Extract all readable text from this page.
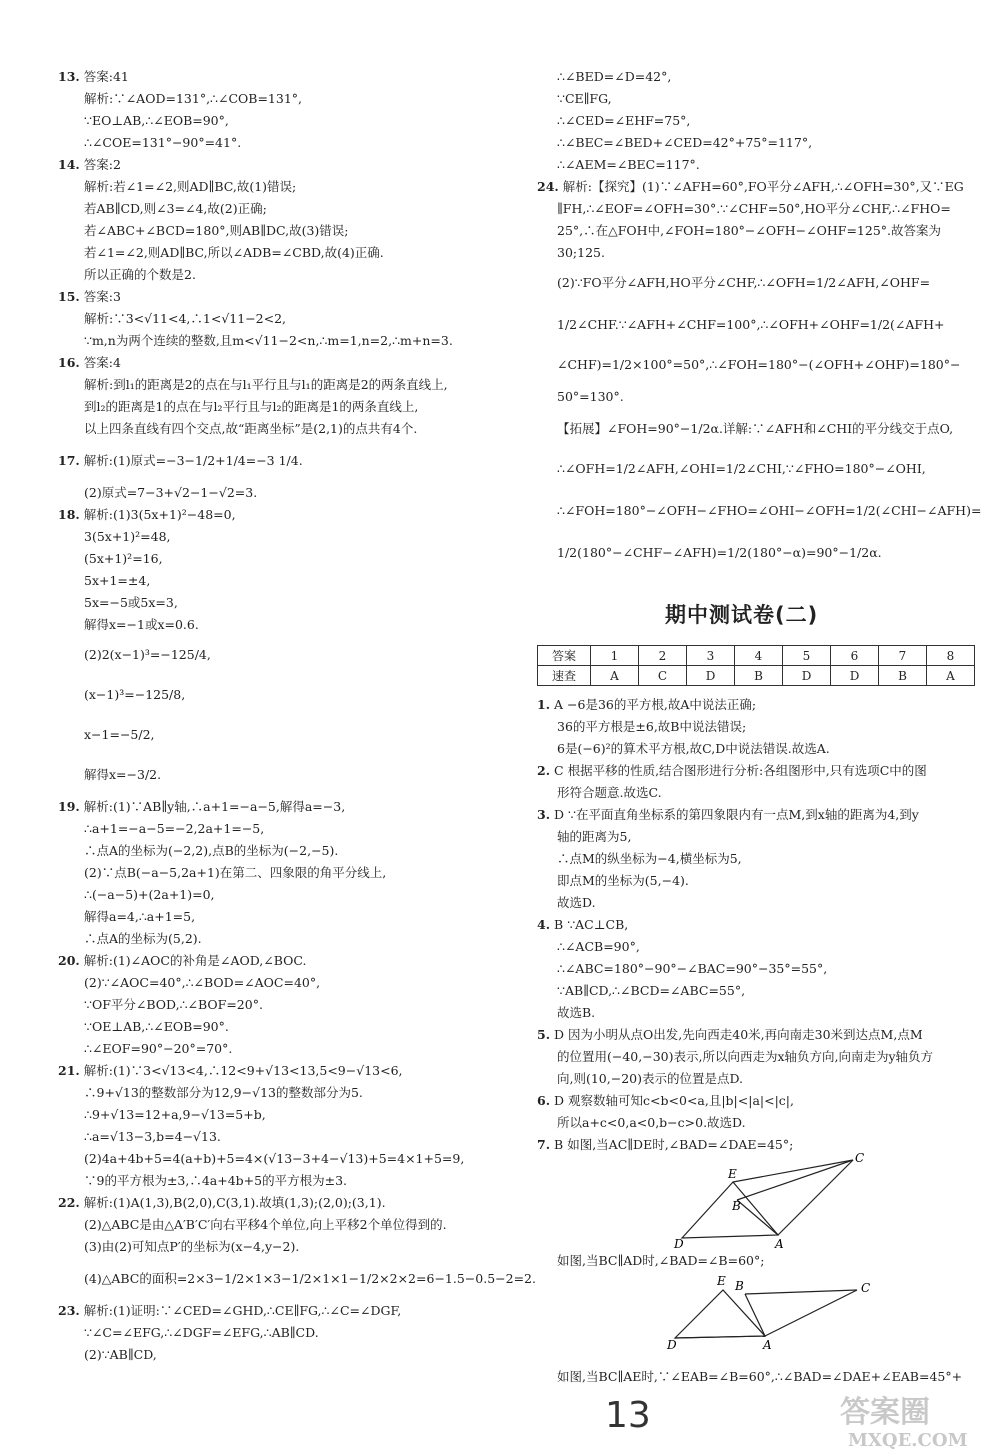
13. 答案:41
解析:∵∠AOD=131°,∴∠COB=131°,
∵EO⊥AB,∴∠EOB=90°,
∴∠COE=131°−90°=41°.
14. 答案:2
解析:若∠1=∠2,则AD∥BC,故(1)错误;
若AB∥CD,则∠3=∠4,故(2)正确;
若∠ABC+∠BCD=180°,则AB∥DC,故(3)错误;
若∠1=∠2,则AD∥BC,所以∠ADB=∠CBD,故(4)正确.
所以正确的个数是2.
15. 答案:3
解析:∵3<√11<4,∴1<√11−2<2,
∵m,n为两个连续的整数,且m<√11−2<n,∴m=1,n=2,∴m+n=3.
16. 答案:4
解析:到l₁的距离是2的点在与l₁平行且与l₁的距离是2的两条直线上,
到l₂的距离是1的点在与l₂平行且与l₂的距离是1的两条直线上,
以上四条直线有四个交点,故“距离坐标”是(2,1)的点共有4个.
17. 解析:(1)原式=−3−1/2+1/4=−3 1/4.
(2)原式=7−3+√2−1−√2=3.
18. 解析:(1)3(5x+1)²−48=0,
3(5x+1)²=48,
(5x+1)²=16,
5x+1=±4,
5x=−5或5x=3,
解得x=−1或x=0.6.
(2)2(x−1)³=−125/4,
(x−1)³=−125/8,
x−1=−5/2,
解得x=−3/2.
19. 解析:(1)∵AB∥y轴,∴a+1=−a−5,解得a=−3,
∴a+1=−a−5=−2,2a+1=−5,
∴点A的坐标为(−2,2),点B的坐标为(−2,−5).
(2)∵点B(−a−5,2a+1)在第二、四象限的角平分线上,
∴(−a−5)+(2a+1)=0,
解得a=4,∴a+1=5,
∴点A的坐标为(5,2).
20. 解析:(1)∠AOC的补角是∠AOD,∠BOC.
(2)∵∠AOC=40°,∴∠BOD=∠AOC=40°,
∵OF平分∠BOD,∴∠BOF=20°.
∵OE⊥AB,∴∠EOB=90°.
∴∠EOF=90°−20°=70°.
21. 解析:(1)∵3<√13<4,∴12<9+√13<13,5<9−√13<6,
∴9+√13的整数部分为12,9−√13的整数部分为5.
∴9+√13=12+a,9−√13=5+b,
∴a=√13−3,b=4−√13.
(2)4a+4b+5=4(a+b)+5=4×(√13−3+4−√13)+5=4×1+5=9,
∵9的平方根为±3,∴4a+4b+5的平方根为±3.
22. 解析:(1)A(1,3),B(2,0),C(3,1).故填(1,3);(2,0);(3,1).
(2)△ABC是由△A′B′C′向右平移4个单位,向上平移2个单位得到的.
(3)由(2)可知点P′的坐标为(x−4,y−2).
(4)△ABC的面积=2×3−1/2×1×3−1/2×1×1−1/2×2×2=6−1.5−0.5−2=2.
23. 解析:(1)证明:∵∠CED=∠GHD,∴CE∥FG,∴∠C=∠DGF,
∵∠C=∠EFG,∴∠DGF=∠EFG,∴AB∥CD.
(2)∵AB∥CD,
∴∠BED=∠D=42°,
∵CE∥FG,
∴∠CED=∠EHF=75°,
∴∠BEC=∠BED+∠CED=42°+75°=117°,
∴∠AEM=∠BEC=117°.
24. 解析:【探究】(1)∵∠AFH=60°,FO平分∠AFH,∴∠OFH=30°,又∵EG
∥FH,∴∠EOF=∠OFH=30°.∵∠CHF=50°,HO平分∠CHF,∴∠FHO=
25°,∴在△FOH中,∠FOH=180°−∠OFH−∠OHF=125°.故答案为
30;125.
(2)∵FO平分∠AFH,HO平分∠CHF,∴∠OFH=1/2∠AFH,∠OHF=
1/2∠CHF.∵∠AFH+∠CHF=100°,∴∠OFH+∠OHF=1/2(∠AFH+
∠CHF)=1/2×100°=50°,∴∠FOH=180°−(∠OFH+∠OHF)=180°−
50°=130°.
【拓展】∠FOH=90°−1/2α.详解:∵∠AFH和∠CHI的平分线交于点O,
∴∠OFH=1/2∠AFH,∠OHI=1/2∠CHI,∵∠FHO=180°−∠OHI,
∴∠FOH=180°−∠OFH−∠FHO=∠OHI−∠OFH=1/2(∠CHI−∠AFH)=
1/2(180°−∠CHF−∠AFH)=1/2(180°−α)=90°−1/2α.
1. A −6是36的平方根,故A中说法正确;
36的平方根是±6,故B中说法错误;
6是(−6)²的算术平方根,故C,D中说法错误.故选A.
2. C 根据平移的性质,结合图形进行分析:各组图形中,只有选项C中的图
形符合题意.故选C.
3. D ∵在平面直角坐标系的第四象限内有一点M,到x轴的距离为4,到y
轴的距离为5,
∴点M的纵坐标为−4,横坐标为5,
即点M的坐标为(5,−4).
故选D.
4. B ∵AC⊥CB,
∴∠ACB=90°,
∴∠ABC=180°−90°−∠BAC=90°−35°=55°,
∵AB∥CD,∴∠BCD=∠ABC=55°,
故选B.
5. D 因为小明从点O出发,先向西走40米,再向南走30米到达点M,点M
的位置用(−40,−30)表示,所以向西走为x轴负方向,向南走为y轴负方
向,则(10,−20)表示的位置是点D.
6. D 观察数轴可知c<b<0<a,且|b|<|a|<|c|,
所以a+c<0,a<0,b−c>0.故选D.
7. B 如图,当AC∥DE时,∠BAD=∠DAE=45°;
如图,当BC∥AD时,∠BAD=∠B=60°;
如图,当BC∥AE时,∵∠EAB=∠B=60°,∴∠BAD=∠DAE+∠EAB=45°+
期中测试卷(二)
答案	1	2	3	4	5	6	7	8
速查	A	C	D	B	D	D	B	A
E
B
C
D	A
E B	C
D	A
13	答案圈
MXQE.COM
